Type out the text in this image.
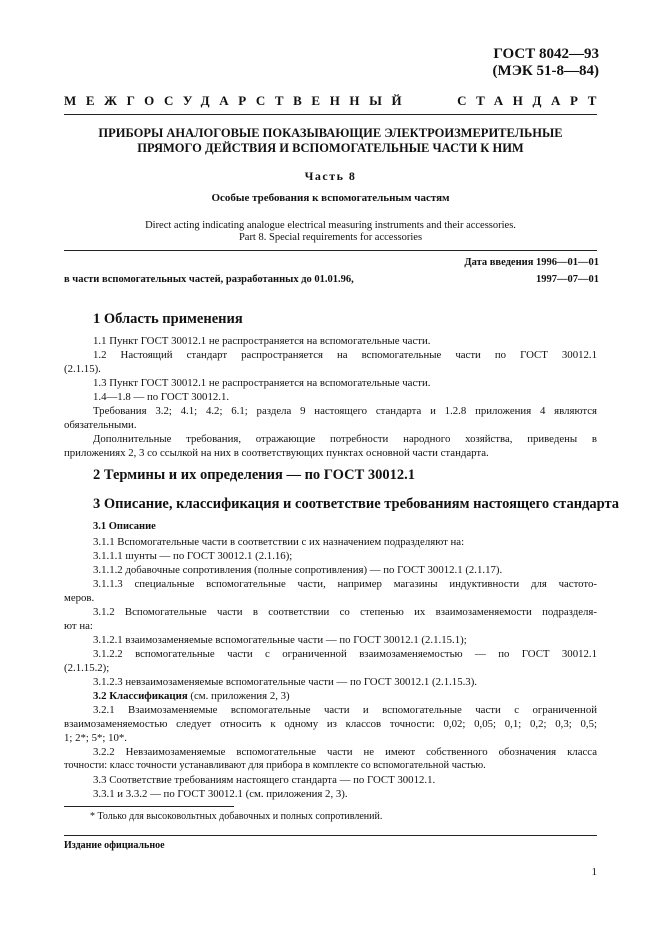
ГОСТ 8042—93
(МЭК 51-8—84)
МЕЖГОСУДАРСТВЕННЫЙ	СТАНДАРТ
ПРИБОРЫ АНАЛОГОВЫЕ ПОКАЗЫВАЮЩИЕ ЭЛЕКТРОИЗМЕРИТЕЛЬНЫЕ
ПРЯМОГО ДЕЙСТВИЯ И ВСПОМОГАТЕЛЬНЫЕ ЧАСТИ К НИМ
Часть 8
Особые требования к вспомогательным частям
Direct acting indicating analogue electrical measuring instruments and their accessories.
Part 8. Special requirements for accessories
Дата введения 1996—01—01
в части вспомогательных частей, разработанных до 01.01.96,	1997—07—01
1 Область применения
1.1 Пункт ГОСТ 30012.1 не распространяется на вспомогательные части.
1.2 Настоящий стандарт распространяется на вспомогательные части по ГОСТ 30012.1
(2.1.15).
1.3 Пункт ГОСТ 30012.1 не распространяется на вспомогательные части.
1.4—1.8 — по ГОСТ 30012.1.
Требования 3.2; 4.1; 4.2; 6.1; раздела 9 настоящего стандарта и 1.2.8 приложения 4 являются
обязательными.
Дополнительные требования, отражающие потребности народного хозяйства, приведены в
приложениях 2, 3 со ссылкой на них в соответствующих пунктах основной части стандарта.
2 Термины и их определения — по ГОСТ 30012.1
3 Описание, классификация и соответствие требованиям настоящего стандарта
3.1 Описание
3.1.1 Вспомогательные части в соответствии с их назначением подразделяют на:
3.1.1.1 шунты — по ГОСТ 30012.1 (2.1.16);
3.1.1.2 добавочные сопротивления (полные сопротивления) — по ГОСТ 30012.1 (2.1.17).
3.1.1.3 специальные вспомогательные части, например магазины индуктивности для частото-
меров.
3.1.2 Вспомогательные части в соответствии со степенью их взаимозаменяемости подразделя-
ют на:
3.1.2.1 взаимозаменяемые вспомогательные части — по ГОСТ 30012.1 (2.1.15.1);
3.1.2.2 вспомогательные части с ограниченной взаимозаменяемостью — по ГОСТ 30012.1
(2.1.15.2);
3.1.2.3 невзаимозаменяемые вспомогательные части — по ГОСТ 30012.1 (2.1.15.3).
3.2 Классификация (см. приложения 2, 3)
3.2.1 Взаимозаменяемые вспомогательные части и вспомогательные части с ограниченной
взаимозаменяемостью следует относить к одному из классов точности: 0,02; 0,05; 0,1; 0,2; 0,3; 0,5;
1; 2*; 5*; 10*.
3.2.2 Невзаимозаменяемые вспомогательные части не имеют собственного обозначения класса
точности: класс точности устанавливают для прибора в комплекте со вспомогательной частью.
3.3 Соответствие требованиям настоящего стандарта — по ГОСТ 30012.1.
3.3.1 и 3.3.2 — по ГОСТ 30012.1 (см. приложения 2, 3).
* Только для высоковольтных добавочных и полных сопротивлений.
Издание официальное
1
